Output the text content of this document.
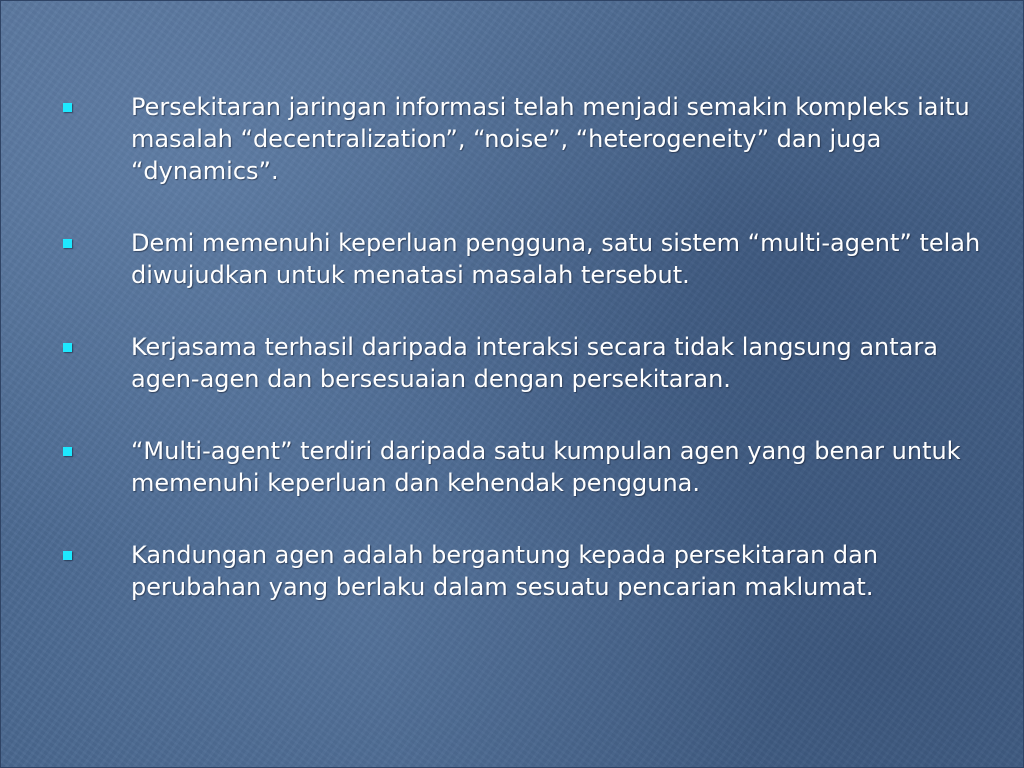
Persekitaran jaringan informasi telah menjadi semakin kompleks iaitu masalah “decentralization”, “noise”, “heterogeneity” dan juga “dynamics”.
Demi memenuhi keperluan pengguna, satu sistem “multi-agent” telah diwujudkan untuk menatasi masalah tersebut.
Kerjasama terhasil daripada interaksi secara tidak langsung antara agen-agen dan bersesuaian dengan persekitaran.
“Multi-agent” terdiri daripada satu kumpulan agen yang benar untuk memenuhi keperluan dan kehendak pengguna.
Kandungan agen adalah bergantung kepada persekitaran dan perubahan yang berlaku dalam sesuatu pencarian maklumat.
